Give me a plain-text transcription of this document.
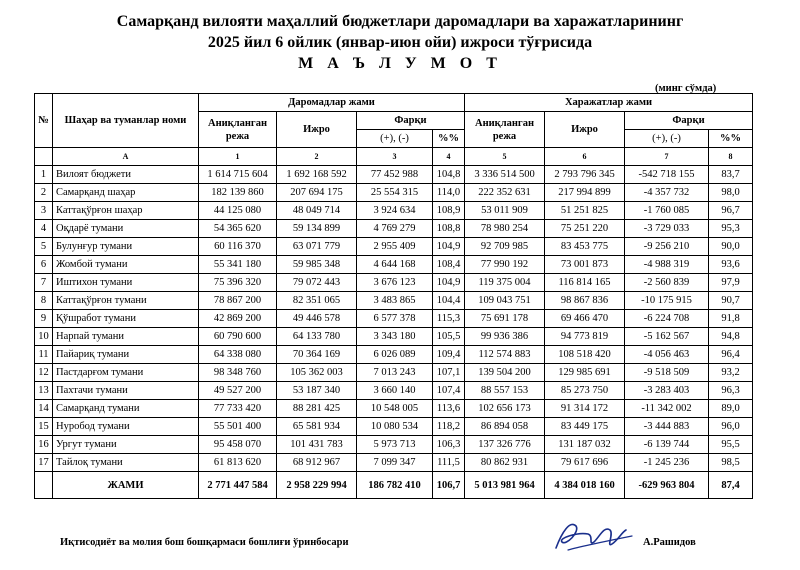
Самарқанд вилояти маҳаллий бюджетлари даромадлари ва харажатларининг
2025 йил 6 ойлик (январ-июн ойи) ижроси тўғрисида
М А Ъ Л У М О Т
(минг сўмда)
№	Шаҳар ва туманлар номи	Даромадлар жами				Харажатлар жами			
		Аниқланган режа	Ижро	Фарқи		Аниқланган режа	Ижро	Фарқи	
				(+), (-)	%%			(+), (-)	%%
	А	1	2	3	4	5	6	7	8
1	Вилоят бюджети	1 614 715 604	1 692 168 592	77 452 988	104,8	3 336 514 500	2 793 796 345	-542 718 155	83,7
2	Самарқанд шаҳар	182 139 860	207 694 175	25 554 315	114,0	222 352 631	217 994 899	-4 357 732	98,0
3	Каттақўрғон шаҳар	44 125 080	48 049 714	3 924 634	108,9	53 011 909	51 251 825	-1 760 085	96,7
4	Оқдарё тумани	54 365 620	59 134 899	4 769 279	108,8	78 980 254	75 251 220	-3 729 033	95,3
5	Булунғур тумани	60 116 370	63 071 779	2 955 409	104,9	92 709 985	83 453 775	-9 256 210	90,0
6	Жомбой тумани	55 341 180	59 985 348	4 644 168	108,4	77 990 192	73 001 873	-4 988 319	93,6
7	Иштихон тумани	75 396 320	79 072 443	3 676 123	104,9	119 375 004	116 814 165	-2 560 839	97,9
8	Каттақўрғон тумани	78 867 200	82 351 065	3 483 865	104,4	109 043 751	98 867 836	-10 175 915	90,7
9	Қўшработ тумани	42 869 200	49 446 578	6 577 378	115,3	75 691 178	69 466 470	-6 224 708	91,8
10	Нарпай тумани	60 790 600	64 133 780	3 343 180	105,5	99 936 386	94 773 819	-5 162 567	94,8
11	Пайариқ тумани	64 338 080	70 364 169	6 026 089	109,4	112 574 883	108 518 420	-4 056 463	96,4
12	Пастдарғом тумани	98 348 760	105 362 003	7 013 243	107,1	139 504 200	129 985 691	-9 518 509	93,2
13	Пахтачи тумани	49 527 200	53 187 340	3 660 140	107,4	88 557 153	85 273 750	-3 283 403	96,3
14	Самарқанд тумани	77 733 420	88 281 425	10 548 005	113,6	102 656 173	91 314 172	-11 342 002	89,0
15	Нуробод тумани	55 501 400	65 581 934	10 080 534	118,2	86 894 058	83 449 175	-3 444 883	96,0
16	Ургут тумани	95 458 070	101 431 783	5 973 713	106,3	137 326 776	131 187 032	-6 139 744	95,5
17	Тайлоқ тумани	61 813 620	68 912 967	7 099 347	111,5	80 862 931	79 617 696	-1 245 236	98,5
	ЖАМИ	2 771 447 584	2 958 229 994	186 782 410	106,7	5 013 981 964	4 384 018 160	-629 963 804	87,4
Иқтисодиёт ва молия бош бошқармаси бошлиғи ўринбосари	А.Рашидов
